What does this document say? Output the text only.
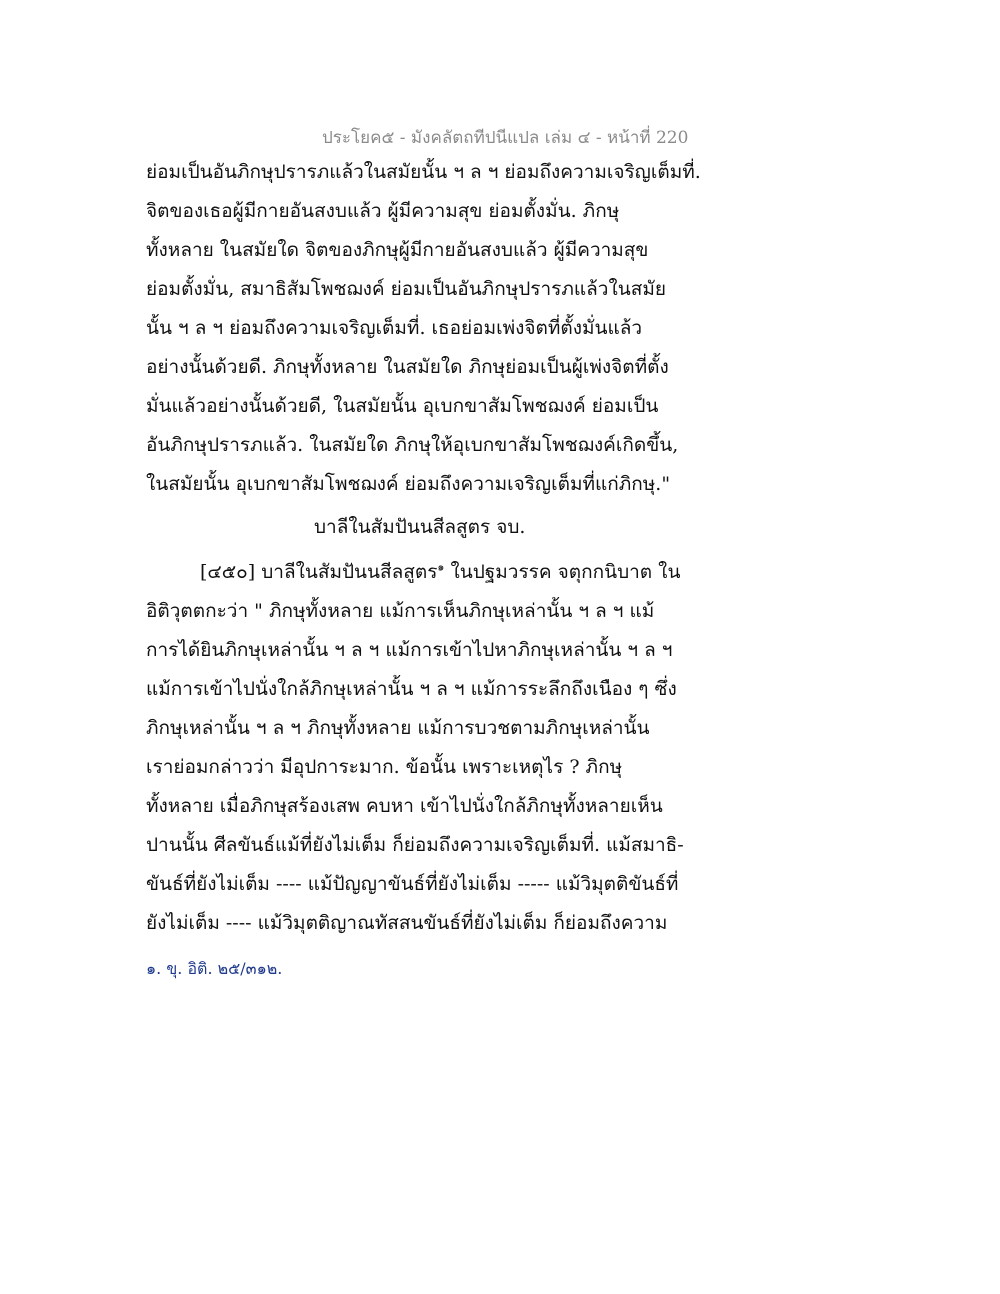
ประโยค๕ - มังคลัตถทีปนีแปล เล่ม ๔ - หน้าที่ 220
ย่อมเป็นอันภิกษุปรารภแล้วในสมัยนั้น ฯ ล ฯ ย่อมถึงความเจริญเต็มที่.
จิตของเธอผู้มีกายอันสงบแล้ว ผู้มีความสุข ย่อมตั้งมั่น. ภิกษุ
ทั้งหลาย ในสมัยใด จิตของภิกษุผู้มีกายอันสงบแล้ว ผู้มีความสุข
ย่อมตั้งมั่น, สมาธิสัมโพชฌงค์ ย่อมเป็นอันภิกษุปรารภแล้วในสมัย
นั้น ฯ ล ฯ ย่อมถึงความเจริญเต็มที่. เธอย่อมเพ่งจิตที่ตั้งมั่นแล้ว
อย่างนั้นด้วยดี. ภิกษุทั้งหลาย ในสมัยใด ภิกษุย่อมเป็นผู้เพ่งจิตที่ตั้ง
มั่นแล้วอย่างนั้นด้วยดี, ในสมัยนั้น อุเบกขาสัมโพชฌงค์ ย่อมเป็น
อันภิกษุปรารภแล้ว. ในสมัยใด ภิกษุให้อุเบกขาสัมโพชฌงค์เกิดขึ้น,
ในสมัยนั้น อุเบกขาสัมโพชฌงค์ ย่อมถึงความเจริญเต็มที่แก่ภิกษุ."
บาลีในสัมปันนสีลสูตร จบ.
[๔๕๐] บาลีในสัมปันนสีลสูตร$^๑$ ในปฐมวรรค จตุกกนิบาต ใน
อิติวุตตกะว่า " ภิกษุทั้งหลาย แม้การเห็นภิกษุเหล่านั้น ฯ ล ฯ แม้
การได้ยินภิกษุเหล่านั้น ฯ ล ฯ แม้การเข้าไปหาภิกษุเหล่านั้น ฯ ล ฯ
แม้การเข้าไปนั่งใกล้ภิกษุเหล่านั้น ฯ ล ฯ แม้การระลึกถึงเนือง ๆ ซึ่ง
ภิกษุเหล่านั้น ฯ ล ฯ ภิกษุทั้งหลาย แม้การบวชตามภิกษุเหล่านั้น
เราย่อมกล่าวว่า มีอุปการะมาก. ข้อนั้น เพราะเหตุไร ? ภิกษุ
ทั้งหลาย เมื่อภิกษุสร้องเสพ คบหา เข้าไปนั่งใกล้ภิกษุทั้งหลายเห็น
ปานนั้น ศีลขันธ์แม้ที่ยังไม่เต็ม ก็ย่อมถึงความเจริญเต็มที่. แม้สมาธิ-
ขันธ์ที่ยังไม่เต็ม ---- แม้ปัญญาขันธ์ที่ยังไม่เต็ม ----- แม้วิมุตติขันธ์ที่
ยังไม่เต็ม ---- แม้วิมุตติญาณทัสสนขันธ์ที่ยังไม่เต็ม ก็ย่อมถึงความ
๑. ขุ. อิติ. ๒๕/๓๑๒.
